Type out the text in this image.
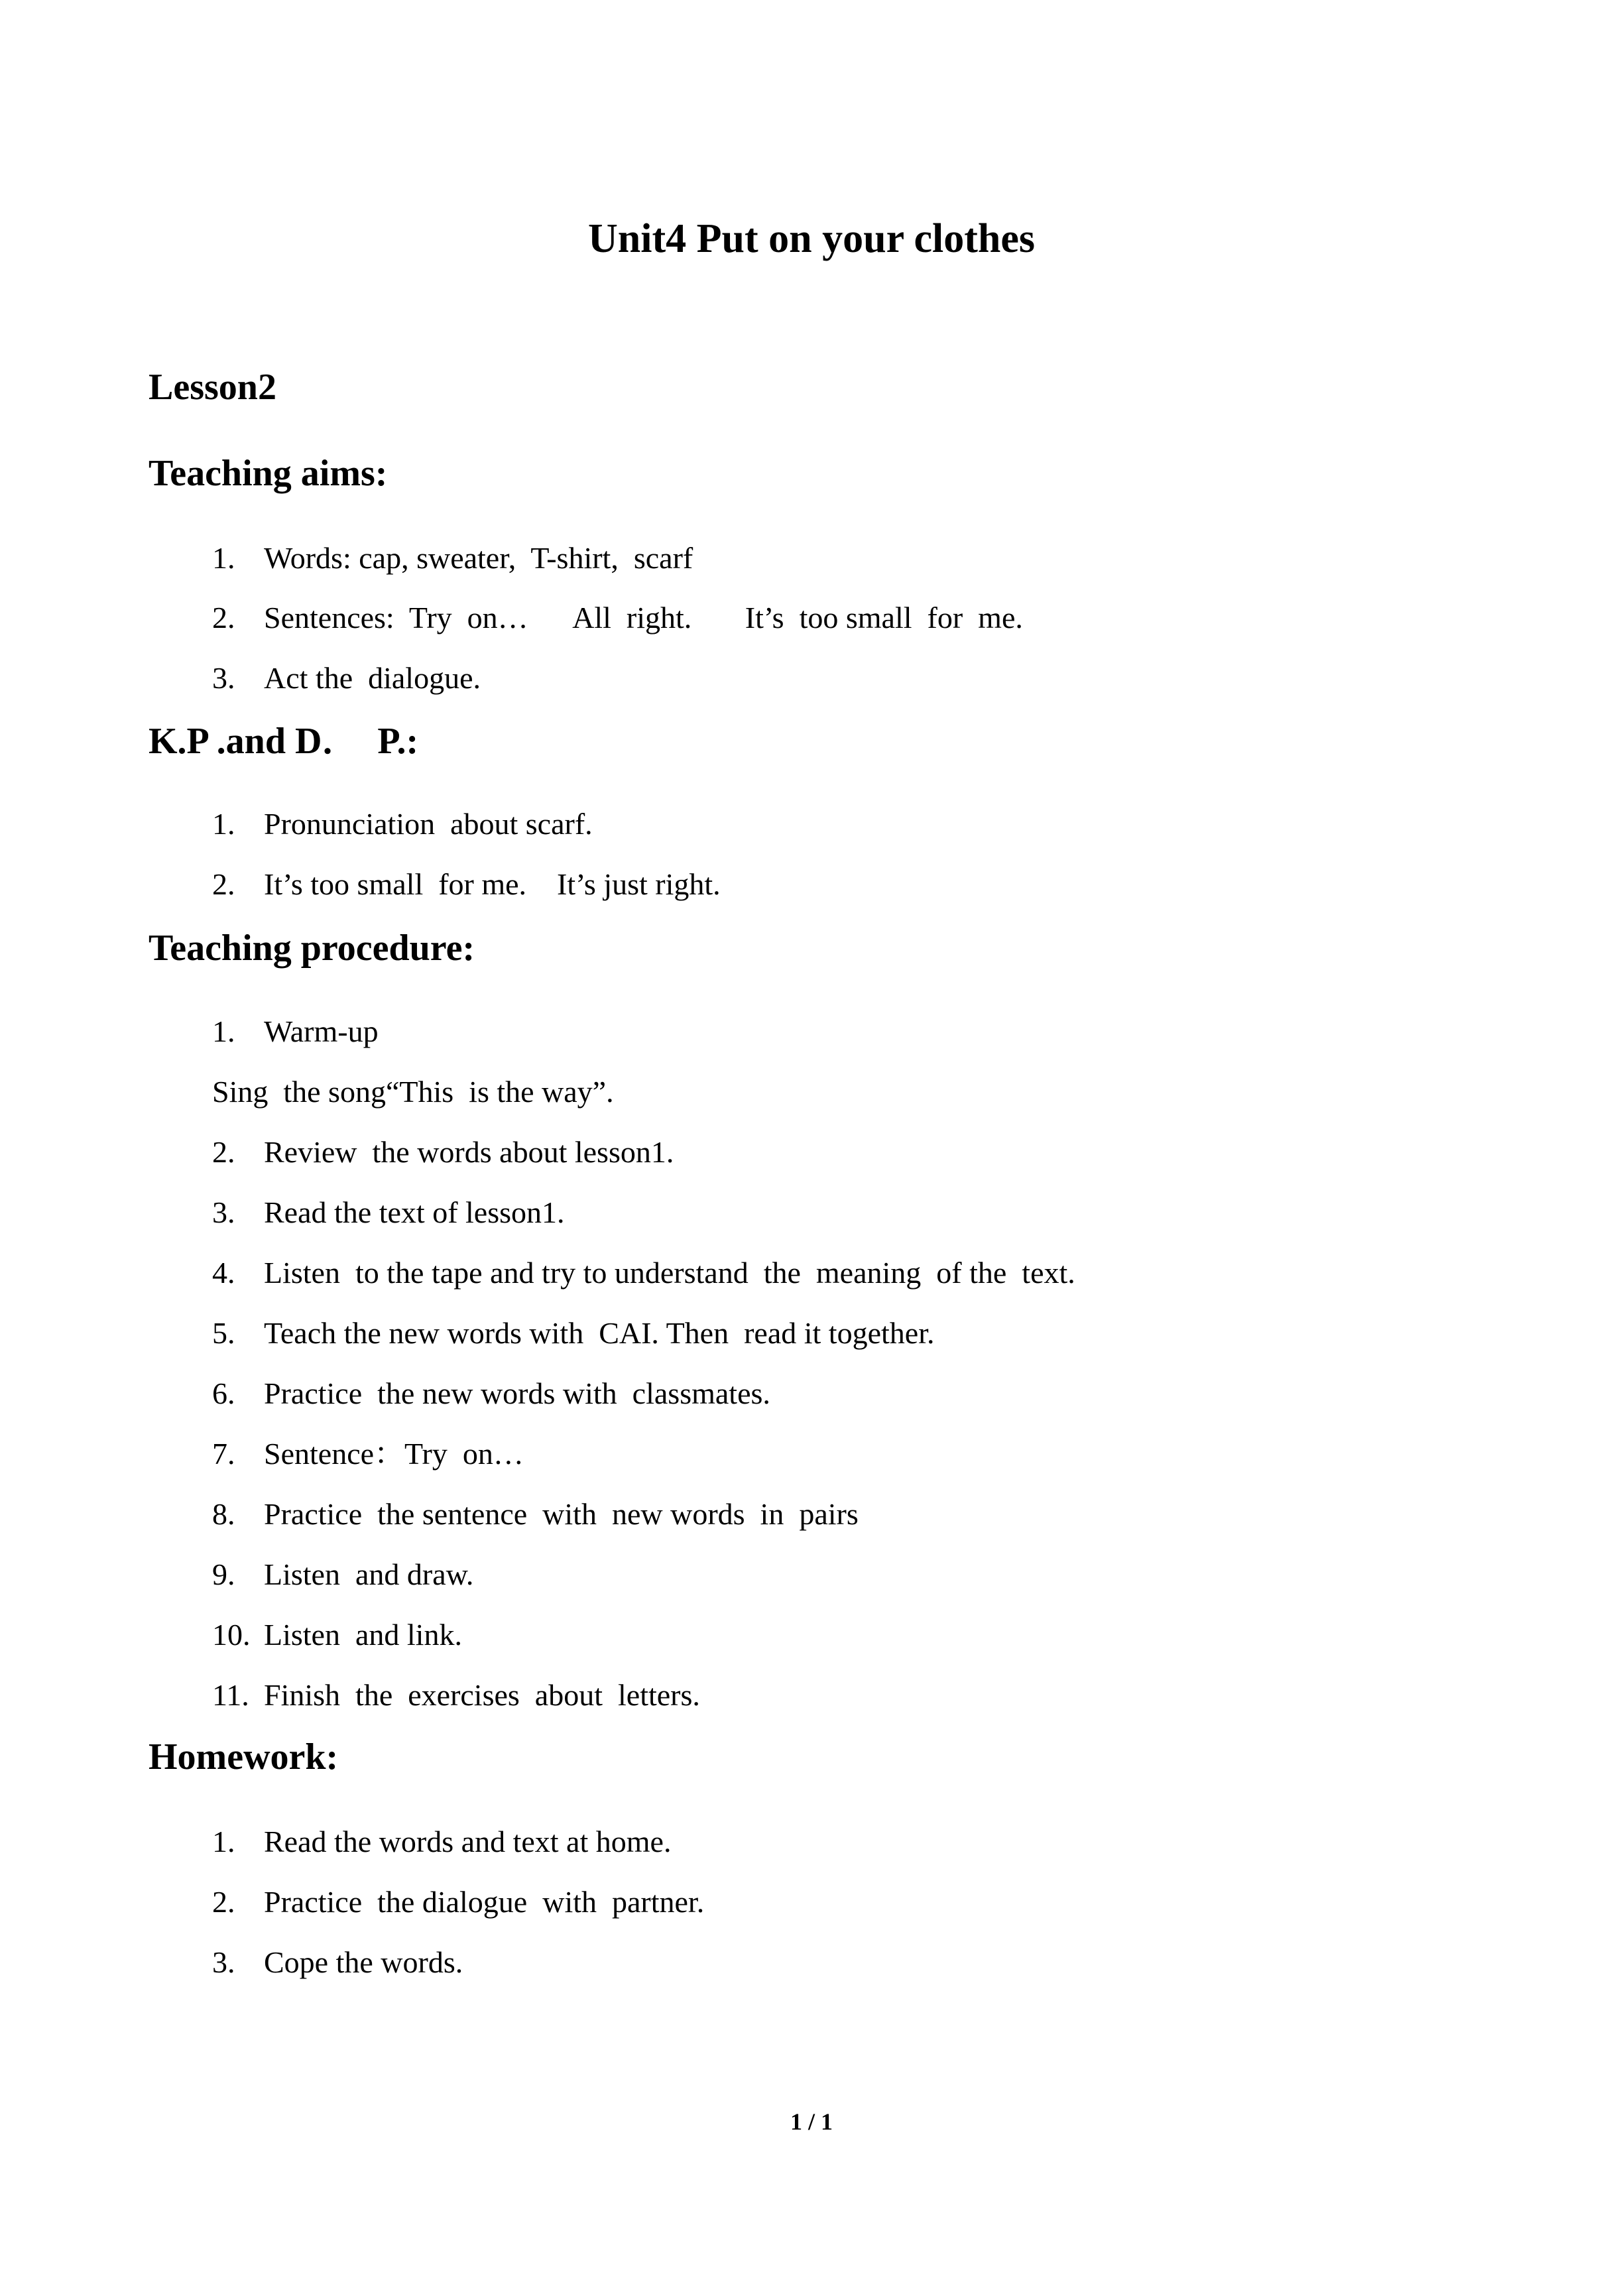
Unit4 Put on your clothes
Lesson2
Teaching aims:
1. Words: cap, sweater,  T-shirt,  scarf
2. Sentences:  Try  on…      All  right.       It’s  too small  for  me.
3. Act the  dialogue.
K.P .and D．  P.:
1. Pronunciation  about scarf.
2. It’s too small  for me.    It’s just right.
Teaching procedure:
1. Warm-up
Sing  the song“This  is the way”.
2. Review  the words about lesson1.
3. Read the text of lesson1.
4. Listen  to the tape and try to understand  the  meaning  of the  text.
5. Teach the new words with  CAI. Then  read it together.
6. Practice  the new words with  classmates.
7. Sentence：Try  on…
8. Practice  the sentence  with  new words  in  pairs
9. Listen  and draw.
10. Listen  and link.
11. Finish  the  exercises  about  letters.
Homework:
1. Read the words and text at home.
2. Practice  the dialogue  with  partner.
3. Cope the words.
1 / 1
